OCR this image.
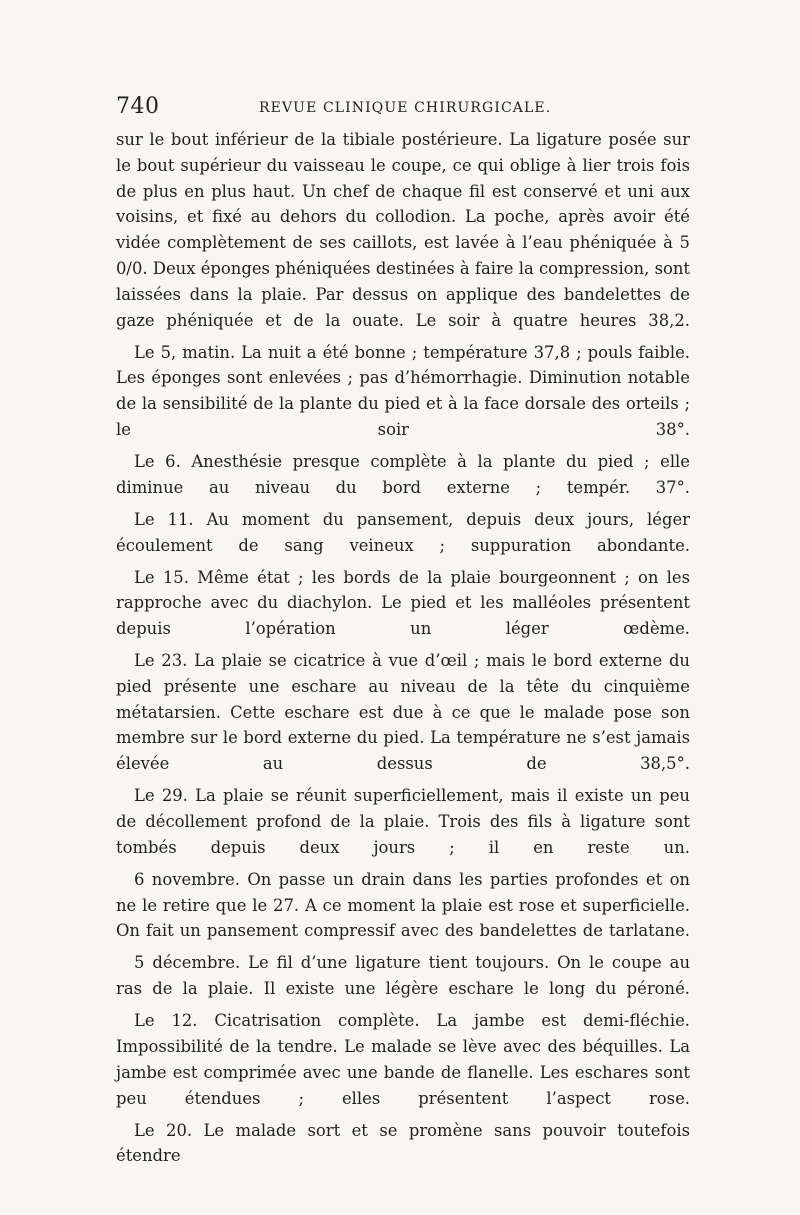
740	REVUE CLINIQUE CHIRURGICALE.

sur le bout inférieur de la tibiale postérieure. La ligature posée sur le bout supérieur du vaisseau le coupe, ce qui oblige à lier trois fois de plus en plus haut. Un chef de chaque fil est conservé et uni aux voisins, et fixé au dehors du collodion. La poche, après avoir été vidée complètement de ses caillots, est lavée à l’eau phéniquée à 5 0/0. Deux éponges phéniquées destinées à faire la compression, sont laissées dans la plaie. Par dessus on applique des bandelettes de gaze phéniquée et de la ouate. Le soir à quatre heures 38,2.

Le 5, matin. La nuit a été bonne ; température 37,8 ; pouls faible. Les éponges sont enlevées ; pas d’hémorrhagie. Diminution notable de la sensibilité de la plante du pied et à la face dorsale des orteils ; le soir 38°.

Le 6. Anesthésie presque complète à la plante du pied ; elle diminue au niveau du bord externe ; tempér. 37°.

Le 11. Au moment du pansement, depuis deux jours, léger écoulement de sang veineux ; suppuration abondante.

Le 15. Même état ; les bords de la plaie bourgeonnent ; on les rapproche avec du diachylon. Le pied et les malléoles présentent depuis l’opération un léger œdème.

Le 23. La plaie se cicatrice à vue d’œil ; mais le bord externe du pied présente une eschare au niveau de la tête du cinquième métatarsien. Cette eschare est due à ce que le malade pose son membre sur le bord externe du pied. La température ne s’est jamais élevée au dessus de 38,5°.

Le 29. La plaie se réunit superficiellement, mais il existe un peu de décollement profond de la plaie. Trois des fils à ligature sont tombés depuis deux jours ; il en reste un.

6 novembre. On passe un drain dans les parties profondes et on ne le retire que le 27. A ce moment la plaie est rose et superficielle. On fait un pansement compressif avec des bandelettes de tarlatane.

5 décembre. Le fil d’une ligature tient toujours. On le coupe au ras de la plaie. Il existe une légère eschare le long du péroné.

Le 12. Cicatrisation complète. La jambe est demi-fléchie. Impossibilité de la tendre. Le malade se lève avec des béquilles. La jambe est comprimée avec une bande de flanelle. Les eschares sont peu étendues ; elles présentent l’aspect rose.

Le 20. Le malade sort et se promène sans pouvoir toutefois étendre
